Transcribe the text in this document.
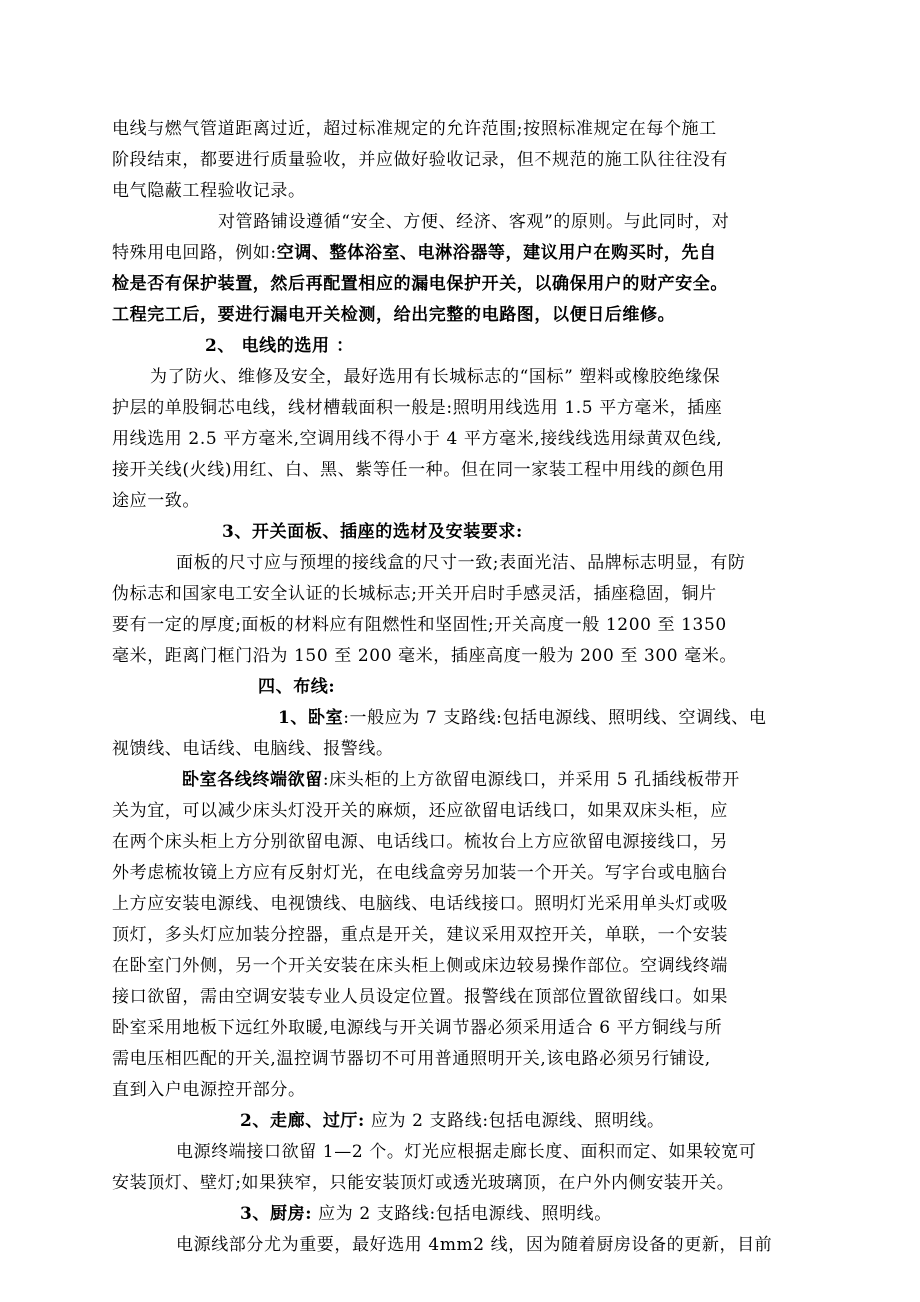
电线与燃气管道距离过近，超过标准规定的允许范围;按照标准规定在每个施工
阶段结束，都要进行质量验收，并应做好验收记录，但不规范的施工队往往没有
电气隐蔽工程验收记录。
对管路铺设遵循“安全、方便、经济、客观”的原则。与此同时，对
特殊用电回路，例如:空调、整体浴室、电淋浴器等，建议用户在购买时，先自
检是否有保护装置，然后再配置相应的漏电保护开关，以确保用户的财产安全。
工程完工后，要进行漏电开关检测，给出完整的电路图，以便日后维修。
2、 电线的选用 ：
为了防火、维修及安全，最好选用有长城标志的“国标” 塑料或橡胶绝缘保
护层的单股铜芯电线，线材槽载面积一般是:照明用线选用 1.5 平方毫米，插座
用线选用 2.5 平方毫米,空调用线不得小于 4 平方毫米,接线线选用绿黄双色线,
接开关线(火线)用红、白、黑、紫等任一种。但在同一家装工程中用线的颜色用
途应一致。
3、开关面板、插座的选材及安装要求:
面板的尺寸应与预埋的接线盒的尺寸一致;表面光洁、品牌标志明显，有防
伪标志和国家电工安全认证的长城标志;开关开启时手感灵活，插座稳固，铜片
要有一定的厚度;面板的材料应有阻燃性和坚固性;开关高度一般 1200 至 1350
毫米，距离门框门沿为 150 至 200 毫米，插座高度一般为 200 至 300 毫米。
四、布线:
1、卧室:一般应为 7 支路线:包括电源线、照明线、空调线、电
视馈线、电话线、电脑线、报警线。
卧室各线终端欲留:床头柜的上方欲留电源线口，并采用 5 孔插线板带开
关为宜，可以减少床头灯没开关的麻烦，还应欲留电话线口，如果双床头柜，应
在两个床头柜上方分别欲留电源、电话线口。梳妆台上方应欲留电源接线口，另
外考虑梳妆镜上方应有反射灯光，在电线盒旁另加装一个开关。写字台或电脑台
上方应安装电源线、电视馈线、电脑线、电话线接口。照明灯光采用单头灯或吸
顶灯，多头灯应加装分控器，重点是开关，建议采用双控开关，单联，一个安装
在卧室门外侧，另一个开关安装在床头柜上侧或床边较易操作部位。空调线终端
接口欲留，需由空调安装专业人员设定位置。报警线在顶部位置欲留线口。如果
卧室采用地板下远红外取暖,电源线与开关调节器必须采用适合 6 平方铜线与所
需电压相匹配的开关,温控调节器切不可用普通照明开关,该电路必须另行铺设,
直到入户电源控开部分。
2、走廊、过厅: 应为 2 支路线:包括电源线、照明线。
电源终端接口欲留 1—2 个。灯光应根据走廊长度、面积而定、如果较宽可
安装顶灯、壁灯;如果狭窄，只能安装顶灯或透光玻璃顶，在户外内侧安装开关。
3、厨房: 应为 2 支路线:包括电源线、照明线。
电源线部分尤为重要，最好选用 4mm2 线，因为随着厨房设备的更新，目前
